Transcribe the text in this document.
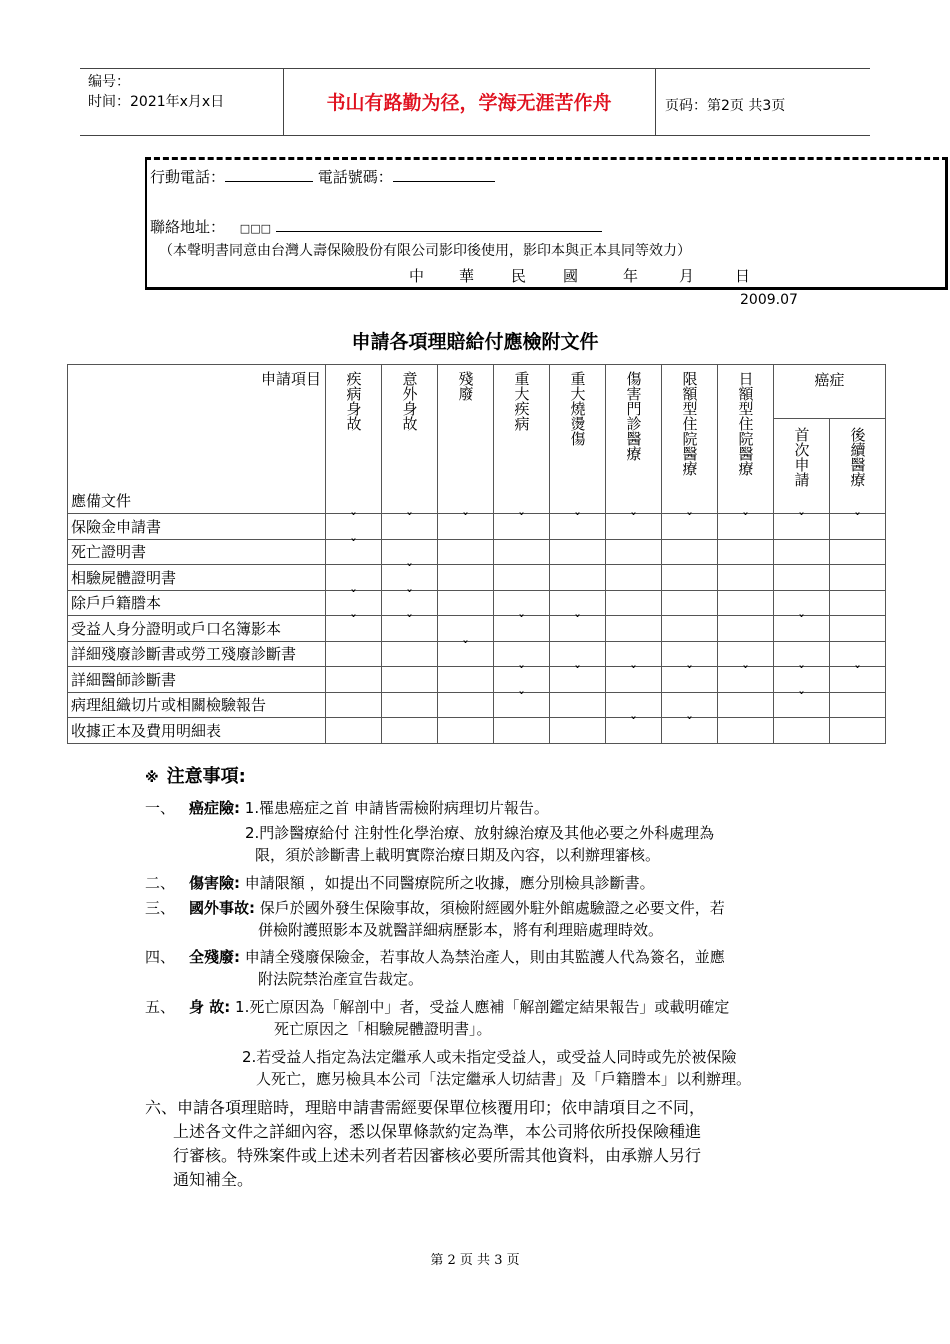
编号：
时间：2021年x月x日	书山有路勤为径，学海无涯苦作舟	页码：第2页 共3页
行動電話：	電話號碼：
聯絡地址： □□□
（本聲明書同意由台灣人壽保險股份有限公司影印後使用，影印本與正本具同等效力）
中 華 民 國	年	月	日
2009.07
申請各項理賠給付應檢附文件
申請項目
應備文件	疾病身故	意外身故	殘廢	重大疾病	重大燒燙傷	傷害門診醫療	限額型住院醫療	日額型住院醫療	癌症	

									首次申請	後續醫療

保險金申請書	ˇ	ˇ	ˇ	ˇ	ˇ	ˇ	ˇ	ˇ	ˇ	ˇ
死亡證明書	ˇ									
相驗屍體證明書		ˇ								
除戶戶籍謄本	ˇ	ˇ								
受益人身分證明或戶口名簿影本	ˇ	ˇ		ˇ	ˇ				ˇ	
詳細殘廢診斷書或勞工殘廢診斷書			ˇ							
詳細醫師診斷書				ˇ	ˇ	ˇ	ˇ	ˇ	ˇ	ˇ
病理組織切片或相關檢驗報告				ˇ					ˇ	
收據正本及費用明細表						ˇ	ˇ			
※ 注意事項:
一、 癌症險: 1.罹患癌症之首 申請皆需檢附病理切片報告。
2.門診醫療給付 注射性化學治療、放射線治療及其他必要之外科處理為
限，須於診斷書上載明實際治療日期及內容，以利辦理審核。
二、 傷害險: 申請限額 ，如提出不同醫療院所之收據，應分別檢具診斷書。
三、 國外事故: 保戶於國外發生保險事故，須檢附經國外駐外館處驗證之必要文件，若
併檢附護照影本及就醫詳細病歷影本，將有利理賠處理時效。
四、 全殘廢: 申請全殘廢保險金，若事故人為禁治產人，則由其監護人代為簽名，並應
附法院禁治產宣告裁定。
五、 身 故: 1.死亡原因為「解剖中」者，受益人應補「解剖鑑定結果報告」或載明確定
死亡原因之「相驗屍體證明書」。
2.若受益人指定為法定繼承人或未指定受益人，或受益人同時或先於被保險
人死亡，應另檢具本公司「法定繼承人切結書」及「戶籍謄本」以利辦理。
六、申請各項理賠時，理賠申請書需經要保單位核覆用印；依申請項目之不同，
上述各文件之詳細內容，悉以保單條款約定為準，本公司將依所投保險種進
行審核。特殊案件或上述未列者若因審核必要所需其他資料，由承辦人另行
通知補全。
第 2 页 共 3 页
